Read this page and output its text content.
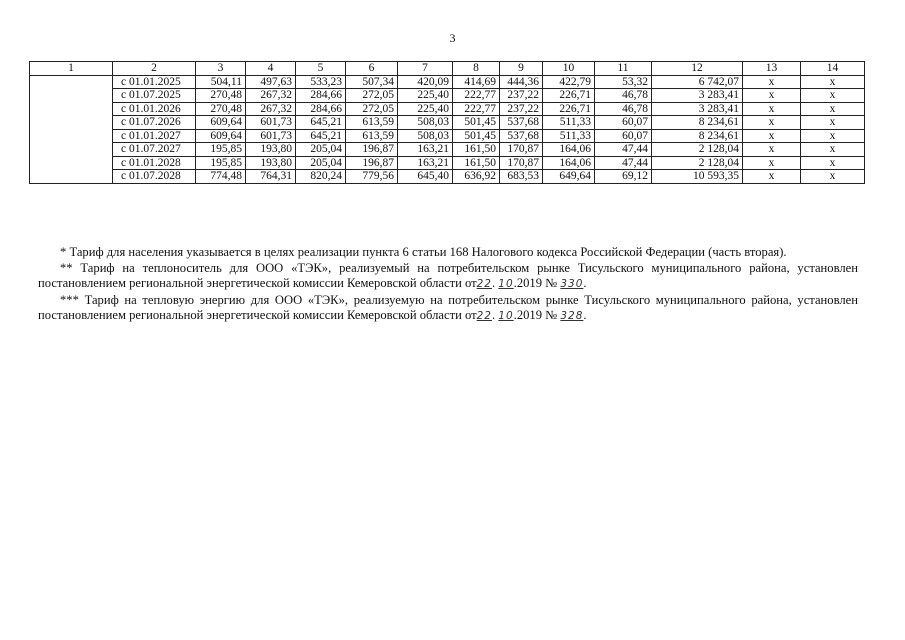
3
1	2	3	4	5	6	7	8	9	10	11	12	13	14
	с 01.01.2025	504,11	497,63	533,23	507,34	420,09	414,69	444,36	422,79	53,32	6 742,07	х	х
	с 01.07.2025	270,48	267,32	284,66	272,05	225,40	222,77	237,22	226,71	46,78	3 283,41	х	х
	с 01.01.2026	270,48	267,32	284,66	272,05	225,40	222,77	237,22	226,71	46,78	3 283,41	х	х
	с 01.07.2026	609,64	601,73	645,21	613,59	508,03	501,45	537,68	511,33	60,07	8 234,61	х	х
	с 01.01.2027	609,64	601,73	645,21	613,59	508,03	501,45	537,68	511,33	60,07	8 234,61	х	х
	с 01.07.2027	195,85	193,80	205,04	196,87	163,21	161,50	170,87	164,06	47,44	2 128,04	х	х
	с 01.01.2028	195,85	193,80	205,04	196,87	163,21	161,50	170,87	164,06	47,44	2 128,04	х	х
	с 01.07.2028	774,48	764,31	820,24	779,56	645,40	636,92	683,53	649,64	69,12	10 593,35	х	х

* Тариф для населения указывается в целях реализации пункта 6 статьи 168 Налогового кодекса Российской Федерации (часть вторая).

** Тариф на теплоноситель для ООО «ТЭК», реализуемый на потребительском рынке Тисульского муниципального района, установлен постановлением региональной энергетической комиссии Кемеровской области от22. 10.2019 № 330.

*** Тариф на тепловую энергию для ООО «ТЭК», реализуемую на потребительском рынке Тисульского муниципального района, установлен постановлением региональной энергетической комиссии Кемеровской области от22. 10.2019 № 328.
